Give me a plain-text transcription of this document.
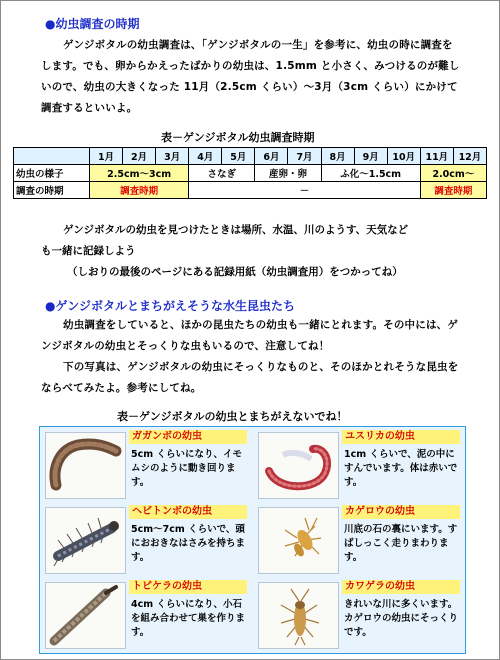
●幼虫調査の時期
ゲンジボタルの幼虫調査は、「ゲンジボタルの一生」を参考に、幼虫の時に調査をします。でも、卵からかえったばかりの幼虫は、1.5mm と小さく、みつけるのが難しいので、幼虫の大きくなった 11月（2.5cm くらい）～3月（3cm くらい）にかけて調査するといいよ。
表－ゲンジボタル幼虫調査時期
	1月	2月	3月	4月	5月	6月	7月	8月	9月	10月	11月	12月
幼虫の様子	2.5cm～3cm			さなぎ		産卵・卵		ふ化～1.5cm			2.0cm～	
調査の時期	調査時期			－							調査時期	
ゲンジボタルの幼虫を見つけたときは場所、水温、川のようす、天気など
も一緒に記録しよう
（しおりの最後のページにある記録用紙（幼虫調査用）をつかってね）
●ゲンジボタルとまちがえそうな水生昆虫たち
幼虫調査をしていると、ほかの昆虫たちの幼虫も一緒にとれます。その中には、ゲンジボタルの幼虫とそっくりな虫もいるので、注意してね！
下の写真は、ゲンジボタルの幼虫にそっくりなものと、そのほかとれそうな昆虫をならべてみたよ。参考にしてね。
表－ゲンジボタルの幼虫とまちがえないでね！
ガガンボの幼虫
5cm くらいになり、イモムシのように動き回ります。
ユスリカの幼虫
1cm くらいで、泥の中にすんでいます。体は赤いです。
ヘビトンボの幼虫
5cm～7cm くらいで、頭におおきなはさみを持ちます。
カゲロウの幼虫
川底の石の裏にいます。すばしっこく走りまわります。
トビケラの幼虫
4cm くらいになり、小石を組み合わせて巣を作ります。
カワゲラの幼虫
きれいな川に多くいます。カゲロウの幼虫にそっくりです。
